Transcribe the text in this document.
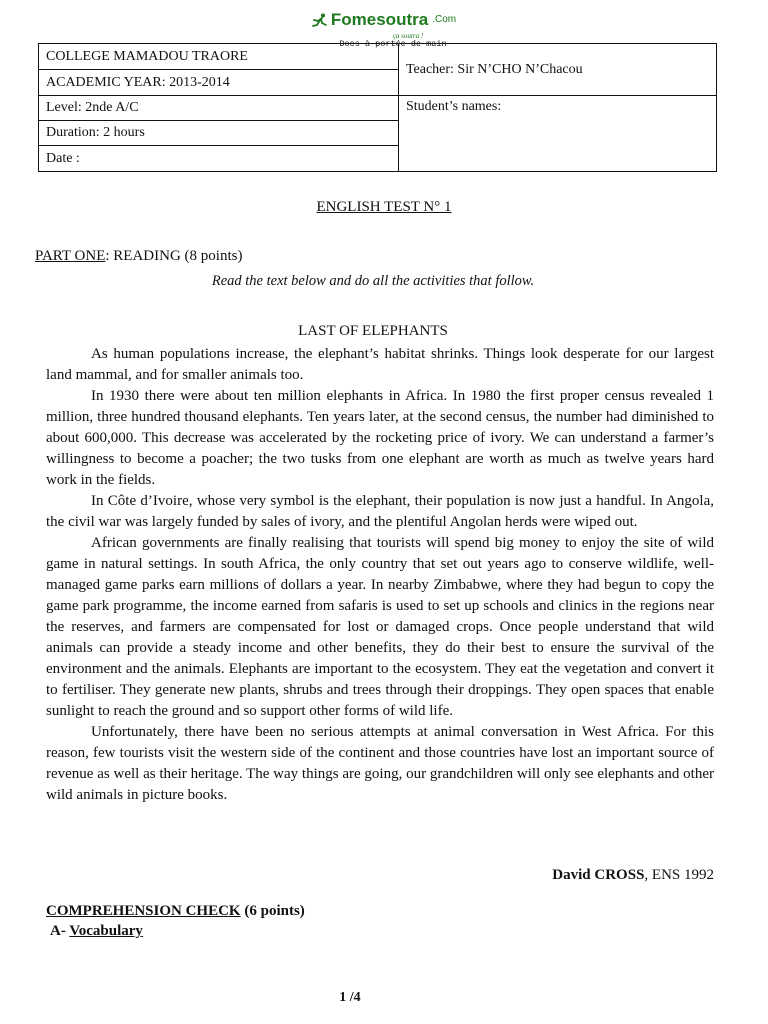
Fomesoutra .Com
ça soutra !
Docs à portée de main
COLLEGE MAMADOU TRAORE	Teacher: Sir N’CHO N’Chacou
ACADEMIC YEAR: 2013-2014	
Level: 2nde A/C	Student’s names:
Duration: 2 hours	
Date :	
ENGLISH TEST N° 1
PART ONE: READING (8 points)
Read the text below and do all the activities that follow.
LAST OF ELEPHANTS

As human populations increase, the elephant’s habitat shrinks. Things look desperate for our largest land mammal, and for smaller animals too.

In 1930 there were about ten million elephants in Africa. In 1980 the first proper census revealed 1 million, three hundred thousand elephants. Ten years later, at the second census, the number had diminished to about 600,000. This decrease was accelerated by the rocketing price of ivory. We can understand a farmer’s willingness to become a poacher; the two tusks from one elephant are worth as much as twelve years hard work in the fields.

In Côte d’Ivoire, whose very symbol is the elephant, their population is now just a handful. In Angola, the civil war was largely funded by sales of ivory, and the plentiful Angolan herds were wiped out.

African governments are finally realising that tourists will spend big money to enjoy the site of wild game in natural settings. In south Africa, the only country that set out years ago to conserve wildlife, well-managed game parks earn millions of dollars a year. In nearby Zimbabwe, where they had begun to copy the game park programme, the income earned from safaris is used to set up schools and clinics in the regions near the reserves, and farmers are compensated for lost or damaged crops. Once people understand that wild animals can provide a steady income and other benefits, they do their best to ensure the survival of the environment and the animals. Elephants are important to the ecosystem. They eat the vegetation and convert it to fertiliser. They generate new plants, shrubs and trees through their droppings. They open spaces that enable sunlight to reach the ground and so support other forms of wild life.

Unfortunately, there have been no serious attempts at animal conversation in West Africa. For this reason, few tourists visit the western side of the continent and those countries have lost an important source of revenue as well as their heritage. The way things are going, our grandchildren will only see elephants and other wild animals in picture books.

David CROSS, ENS 1992
COMPREHENSION CHECK (6 points)
A- Vocabulary
1 /4
